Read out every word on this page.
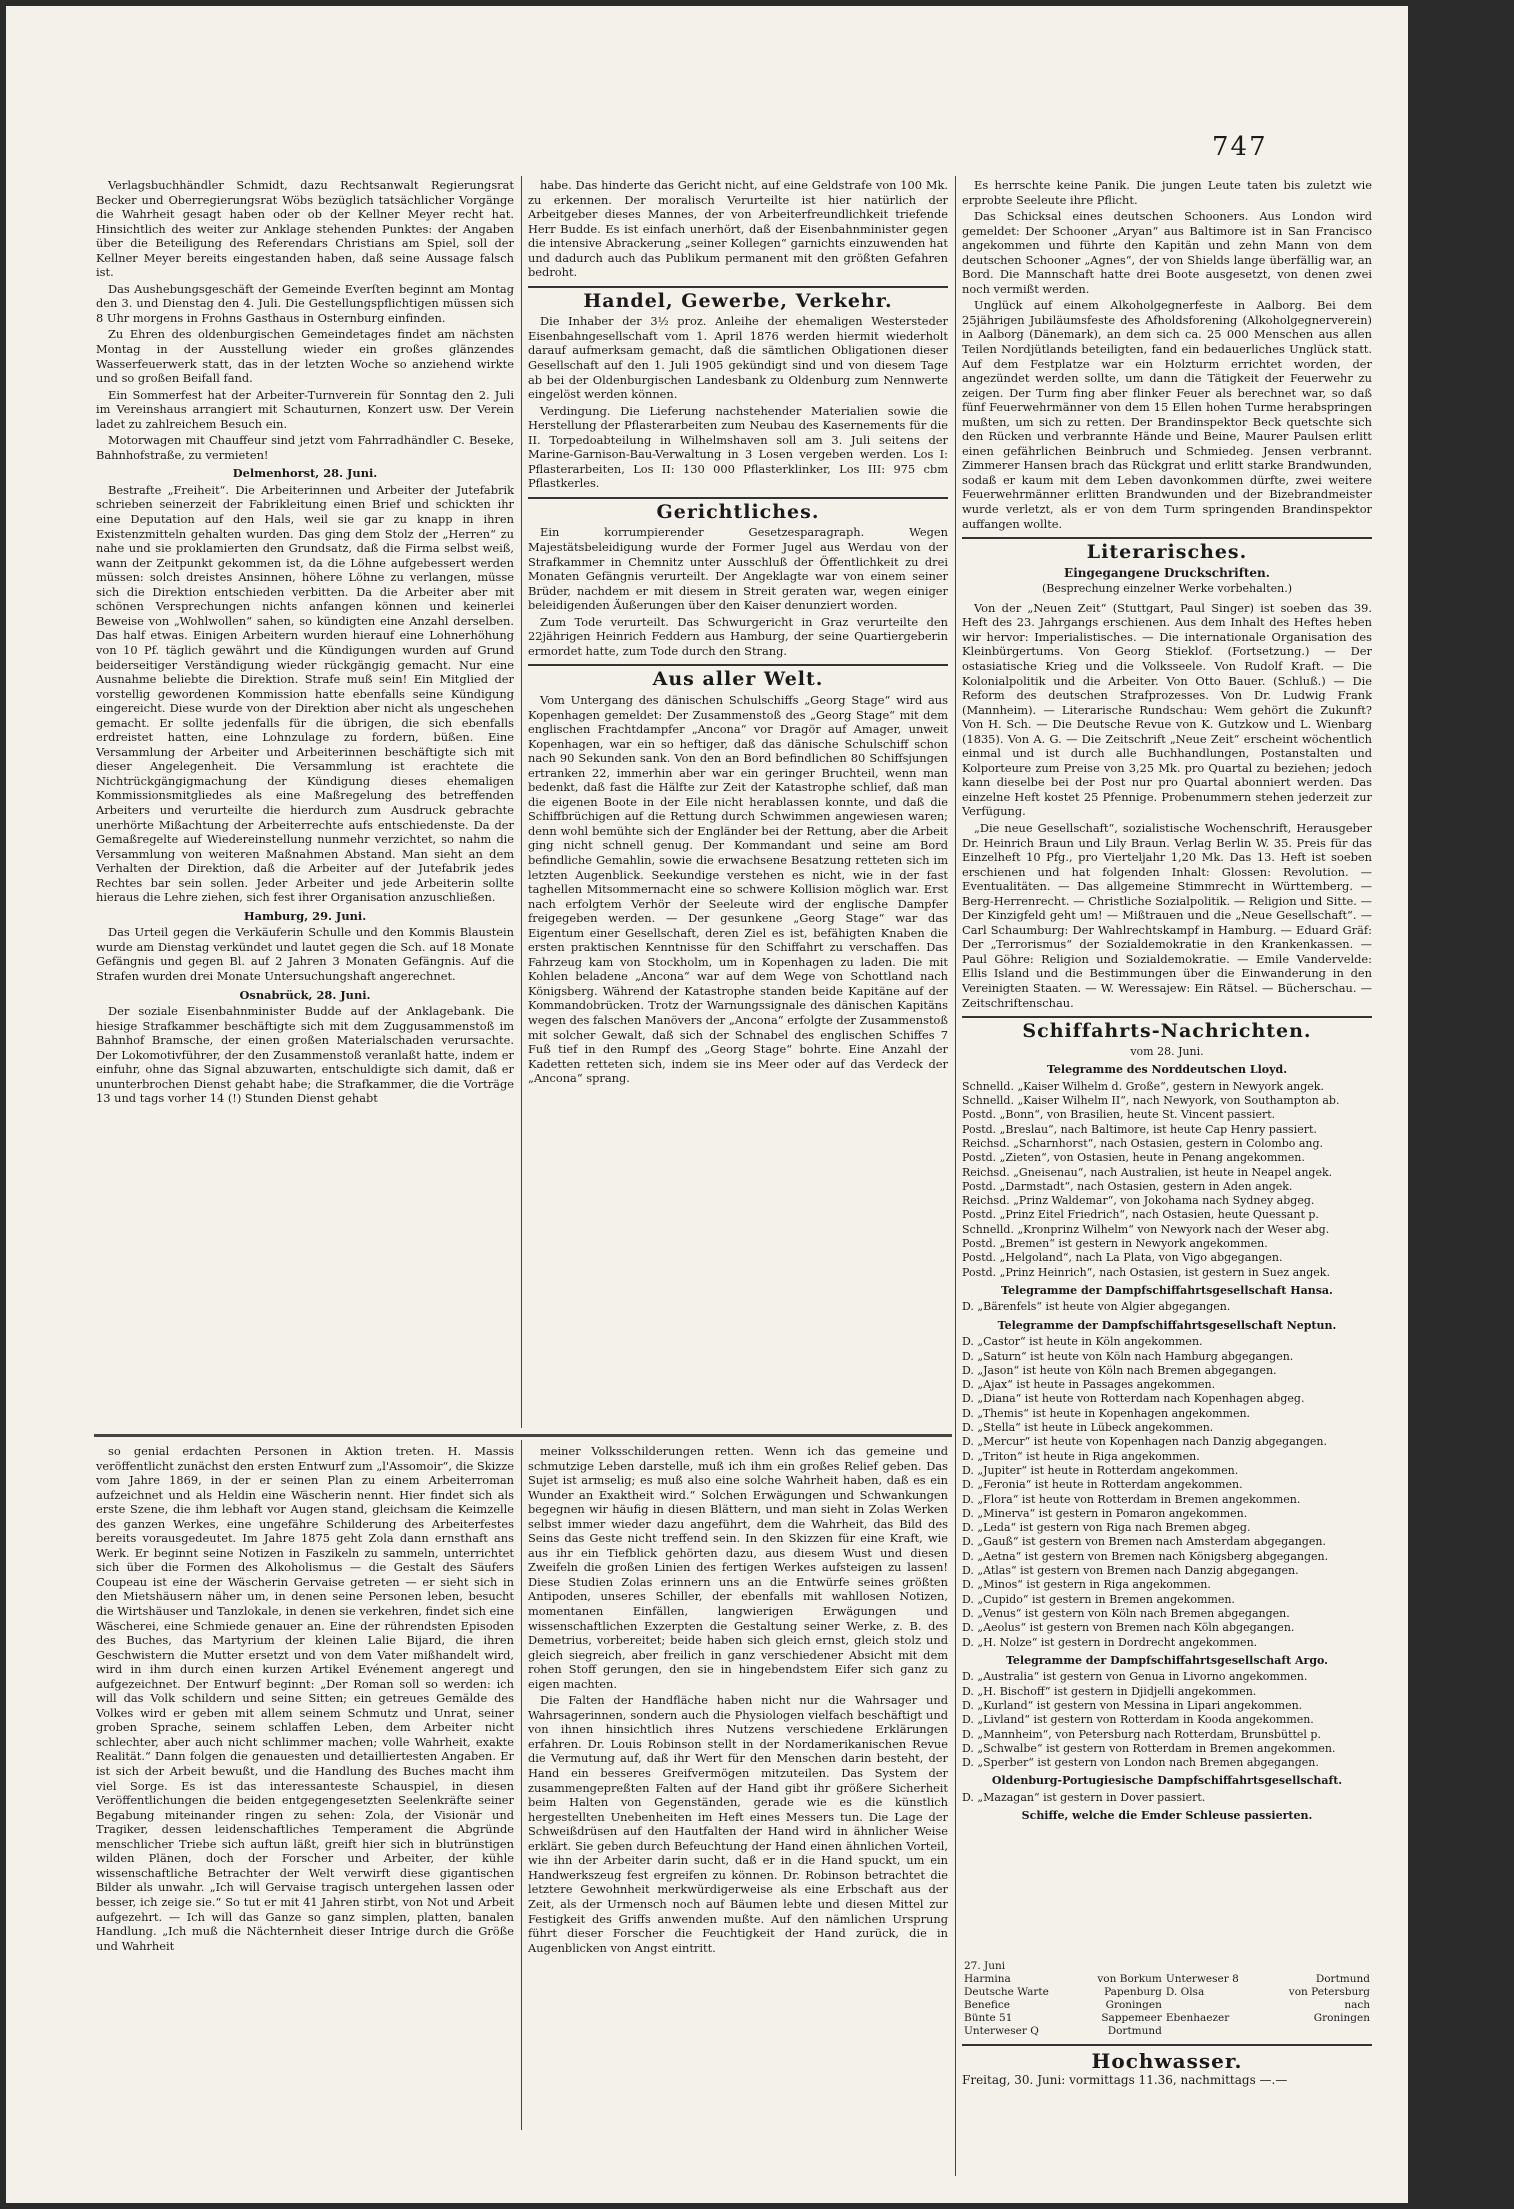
747

Verlagsbuchhändler Schmidt, dazu Rechtsanwalt Regierungsrat Becker und Oberregierungsrat Wöbs bezüglich tatsächlicher Vorgänge die Wahrheit gesagt haben oder ob der Kellner Meyer recht hat. Hinsichtlich des weiter zur Anklage stehenden Punktes: der Angaben über die Beteiligung des Referendars Christians am Spiel, soll der Kellner Meyer bereits eingestanden haben, daß seine Aussage falsch ist.

Das Aushebungsgeschäft der Gemeinde Everſten beginnt am Montag den 3. und Dienstag den 4. Juli. Die Gestellungspflichtigen müssen sich 8 Uhr morgens in Frohns Gasthaus in Osternburg einfinden.

Zu Ehren des oldenburgischen Gemeindetages findet am nächsten Montag in der Ausstellung wieder ein großes glänzendes Wasserfeuerwerk statt, das in der letzten Woche so anziehend wirkte und so großen Beifall fand.

Ein Sommerfest hat der Arbeiter-Turnverein für Sonntag den 2. Juli im Vereinshaus arrangiert mit Schauturnen, Konzert usw. Der Verein ladet zu zahlreichem Besuch ein.

Motorwagen mit Chauffeur sind jetzt vom Fahrradhändler C. Beseke, Bahnhofstraße, zu vermieten!

Delmenhorst, 28. Juni.

Bestrafte „Freiheit“. Die Arbeiterinnen und Arbeiter der Jutefabrik schrieben seinerzeit der Fabrikleitung einen Brief und schickten ihr eine Deputation auf den Hals, weil sie gar zu knapp in ihren Existenzmitteln gehalten wurden. Das ging dem Stolz der „Herren“ zu nahe und sie proklamierten den Grundsatz, daß die Firma selbst weiß, wann der Zeitpunkt gekommen ist, da die Löhne aufgebessert werden müssen: solch dreistes Ansinnen, höhere Löhne zu verlangen, müsse sich die Direktion entschieden verbitten. Da die Arbeiter aber mit schönen Versprechungen nichts anfangen können und keinerlei Beweise von „Wohlwollen“ sahen, so kündigten eine Anzahl derselben. Das half etwas. Einigen Arbeitern wurden hierauf eine Lohnerhöhung von 10 Pf. täglich gewährt und die Kündigungen wurden auf Grund beiderseitiger Verständigung wieder rückgängig gemacht. Nur eine Ausnahme beliebte die Direktion. Strafe muß sein! Ein Mitglied der vorstellig gewordenen Kommission hatte ebenfalls seine Kündigung eingereicht. Diese wurde von der Direktion aber nicht als ungeschehen gemacht. Er sollte jedenfalls für die übrigen, die sich ebenfalls erdreistet hatten, eine Lohnzulage zu fordern, büßen. Eine Versammlung der Arbeiter und Arbeiterinnen beschäftigte sich mit dieser Angelegenheit. Die Versammlung ist erachtete die Nichtrückgängigmachung der Kündigung dieses ehemaligen Kommissionsmitgliedes als eine Maßregelung des betreffenden Arbeiters und verurteilte die hierdurch zum Ausdruck gebrachte unerhörte Mißachtung der Arbeiterrechte aufs entschiedenste. Da der Gemaßregelte auf Wiedereinstellung nunmehr verzichtet, so nahm die Versammlung von weiteren Maßnahmen Abstand. Man sieht an dem Verhalten der Direktion, daß die Arbeiter auf der Jutefabrik jedes Rechtes bar sein sollen. Jeder Arbeiter und jede Arbeiterin sollte hieraus die Lehre ziehen, sich fest ihrer Organisation anzuschließen.

Hamburg, 29. Juni.

Das Urteil gegen die Verkäuferin Schulle und den Kommis Blaustein wurde am Dienstag verkündet und lautet gegen die Sch. auf 18 Monate Gefängnis und gegen Bl. auf 2 Jahren 3 Monaten Gefängnis. Auf die Strafen wurden drei Monate Untersuchungshaft angerechnet.

Osnabrück, 28. Juni.

Der soziale Eisenbahnminister Budde auf der Anklagebank. Die hiesige Strafkammer beschäftigte sich mit dem Zuggusammenstoß im Bahnhof Bramsche, der einen großen Materialschaden verursachte. Der Lokomotivführer, der den Zusammenstoß veranlaßt hatte, indem er einfuhr, ohne das Signal abzuwarten, entschuldigte sich damit, daß er ununterbrochen Dienst gehabt habe; die Strafkammer, die die Vorträge 13 und tags vorher 14 (!) Stunden Dienst gehabt

habe. Das hinderte das Gericht nicht, auf eine Geldstrafe von 100 Mk. zu erkennen. Der moralisch Verurteilte ist hier natürlich der Arbeitgeber dieses Mannes, der von Arbeiterfreundlichkeit triefende Herr Budde. Es ist einfach unerhört, daß der Eisenbahnminister gegen die intensive Abrackerung „seiner Kollegen“ garnichts einzuwenden hat und dadurch auch das Publikum permanent mit den größten Gefahren bedroht.

Handel, Gewerbe, Verkehr.

Die Inhaber der 3½ proz. Anleihe der ehemaligen Westersteder Eisenbahngesellschaft vom 1. April 1876 werden hiermit wiederholt darauf aufmerksam gemacht, daß die sämtlichen Obligationen dieser Gesellschaft auf den 1. Juli 1905 gekündigt sind und von diesem Tage ab bei der Oldenburgischen Landesbank zu Oldenburg zum Nennwerte eingelöst werden können.

Verdingung. Die Lieferung nachstehender Materialien sowie die Herstellung der Pflasterarbeiten zum Neubau des Kasernements für die II. Torpedoabteilung in Wilhelmshaven soll am 3. Juli seitens der Marine-Garnison-Bau-Verwaltung in 3 Losen vergeben werden. Los I: Pflasterarbeiten, Los II: 130 000 Pflasterklinker, Los III: 975 cbm Pflastkerles.

Gerichtliches.

Ein korrumpierender Gesetzesparagraph. Wegen Majestätsbeleidigung wurde der Former Jugel aus Werdau von der Strafkammer in Chemnitz unter Ausschluß der Öffentlichkeit zu drei Monaten Gefängnis verurteilt. Der Angeklagte war von einem seiner Brüder, nachdem er mit diesem in Streit geraten war, wegen einiger beleidigenden Äußerungen über den Kaiser denunziert worden.

Zum Tode verurteilt. Das Schwurgericht in Graz verurteilte den 22jährigen Heinrich Feddern aus Hamburg, der seine Quartiergeberin ermordet hatte, zum Tode durch den Strang.

Aus aller Welt.

Vom Untergang des dänischen Schulschiffs „Georg Stage“ wird aus Kopenhagen gemeldet: Der Zusammenstoß des „Georg Stage“ mit dem englischen Frachtdampfer „Ancona“ vor Dragör auf Amager, unweit Kopenhagen, war ein so heftiger, daß das dänische Schulschiff schon nach 90 Sekunden sank. Von den an Bord befindlichen 80 Schiffsjungen ertranken 22, immerhin aber war ein geringer Bruchteil, wenn man bedenkt, daß fast die Hälfte zur Zeit der Katastrophe schlief, daß man die eigenen Boote in der Eile nicht herablassen konnte, und daß die Schiffbrüchigen auf die Rettung durch Schwimmen angewiesen waren; denn wohl bemühte sich der Engländer bei der Rettung, aber die Arbeit ging nicht schnell genug. Der Kommandant und seine am Bord befindliche Gemahlin, sowie die erwachsene Besatzung retteten sich im letzten Augenblick. Seekundige verstehen es nicht, wie in der fast taghellen Mitsommernacht eine so schwere Kollision möglich war. Erst nach erfolgtem Verhör der Seeleute wird der englische Dampfer freigegeben werden. — Der gesunkene „Georg Stage“ war das Eigentum einer Gesellschaft, deren Ziel es ist, befähigten Knaben die ersten praktischen Kenntnisse für den Schiffahrt zu verschaffen. Das Fahrzeug kam von Stockholm, um in Kopenhagen zu laden. Die mit Kohlen beladene „Ancona“ war auf dem Wege von Schottland nach Königsberg. Während der Katastrophe standen beide Kapitäne auf der Kommandobrücken. Trotz der Warnungssignale des dänischen Kapitäns wegen des falschen Manövers der „Ancona“ erfolgte der Zusammenstoß mit solcher Gewalt, daß sich der Schnabel des englischen Schiffes 7 Fuß tief in den Rumpf des „Georg Stage“ bohrte. Eine Anzahl der Kadetten retteten sich, indem sie ins Meer oder auf das Verdeck der „Ancona“ sprang.

Es herrschte keine Panik. Die jungen Leute taten bis zuletzt wie erprobte Seeleute ihre Pflicht.

Das Schicksal eines deutschen Schooners. Aus London wird gemeldet: Der Schooner „Aryan“ aus Baltimore ist in San Francisco angekommen und führte den Kapitän und zehn Mann von dem deutschen Schooner „Agnes“, der von Shields lange überfällig war, an Bord. Die Mannschaft hatte drei Boote ausgesetzt, von denen zwei noch vermißt werden.

Unglück auf einem Alkoholgegnerfeste in Aalborg. Bei dem 25jährigen Jubiläumsfeste des Afholdsforening (Alkoholgegnerverein) in Aalborg (Dänemark), an dem sich ca. 25 000 Menschen aus allen Teilen Nordjütlands beteiligten, fand ein bedauerliches Unglück statt. Auf dem Festplatze war ein Holzturm errichtet worden, der angezündet werden sollte, um dann die Tätigkeit der Feuerwehr zu zeigen. Der Turm fing aber flinker Feuer als berechnet war, so daß fünf Feuerwehrmänner von dem 15 Ellen hohen Turme herabspringen mußten, um sich zu retten. Der Brandinspektor Beck quetschte sich den Rücken und verbrannte Hände und Beine, Maurer Paulsen erlitt einen gefährlichen Beinbruch und Schmiedeg. Jensen verbrannt. Zimmerer Hansen brach das Rückgrat und erlitt starke Brandwunden, sodaß er kaum mit dem Leben davonkommen dürfte, zwei weitere Feuerwehrmänner erlitten Brandwunden und der Bizebrandmeister wurde verletzt, als er von dem Turm springenden Brandinspektor auffangen wollte.

Literarisches.
Eingegangene Druckschriften.

(Besprechung einzelner Werke vorbehalten.)

Von der „Neuen Zeit“ (Stuttgart, Paul Singer) ist soeben das 39. Heft des 23. Jahrgangs erschienen. Aus dem Inhalt des Heftes heben wir hervor: Imperialistisches. — Die internationale Organisation des Kleinbürgertums. Von Georg Stieklof. (Fortsetzung.) — Der ostasiatische Krieg und die Volksseele. Von Rudolf Kraft. — Die Kolonialpolitik und die Arbeiter. Von Otto Bauer. (Schluß.) — Die Reform des deutschen Strafprozesses. Von Dr. Ludwig Frank (Mannheim). — Literarische Rundschau: Wem gehört die Zukunft? Von H. Sch. — Die Deutsche Revue von K. Gutzkow und L. Wienbarg (1835). Von A. G. — Die Zeitschrift „Neue Zeit“ erscheint wöchentlich einmal und ist durch alle Buchhandlungen, Postanstalten und Kolporteure zum Preise von 3,25 Mk. pro Quartal zu beziehen; jedoch kann dieselbe bei der Post nur pro Quartal abonniert werden. Das einzelne Heft kostet 25 Pfennige. Probenummern stehen jederzeit zur Verfügung.

„Die neue Gesellschaft“, sozialistische Wochenschrift, Herausgeber Dr. Heinrich Braun und Lily Braun. Verlag Berlin W. 35. Preis für das Einzelheft 10 Pfg., pro Vierteljahr 1,20 Mk. Das 13. Heft ist soeben erschienen und hat folgenden Inhalt: Glossen: Revolution. — Eventualitäten. — Das allgemeine Stimmrecht in Württemberg. — Berg-Herrenrecht. — Christliche Sozialpolitik. — Religion und Sitte. — Der Kinzigfeld geht um! — Mißtrauen und die „Neue Gesellschaft“. — Carl Schaumburg: Der Wahlrechtskampf in Hamburg. — Eduard Gräf: Der „Terrorismus“ der Sozialdemokratie in den Krankenkassen. — Paul Göhre: Religion und Sozialdemokratie. — Emile Vandervelde: Ellis Island und die Bestimmungen über die Einwanderung in den Vereinigten Staaten. — W. Weressajew: Ein Rätsel. — Bücherschau. — Zeitschriftenschau.

Schiffahrts-Nachrichten.

vom 28. Juni.

Telegramme des Norddeutschen Lloyd.

Schnelld. „Kaiser Wilhelm d. Große“, gestern in Newyork angek.

Schnelld. „Kaiser Wilhelm II“, nach Newyork, von Southampton ab.

Postd. „Bonn“, von Brasilien, heute St. Vincent passiert.

Postd. „Breslau“, nach Baltimore, ist heute Cap Henry passiert.

Reichsd. „Scharnhorst“, nach Ostasien, gestern in Colombo ang.

Postd. „Zieten“, von Ostasien, heute in Penang angekommen.

Reichsd. „Gneisenau“, nach Australien, ist heute in Neapel angek.

Postd. „Darmstadt“, nach Ostasien, gestern in Aden angek.

Reichsd. „Prinz Waldemar“, von Jokohama nach Sydney abgeg.

Postd. „Prinz Eitel Friedrich“, nach Ostasien, heute Quessant p.

Schnelld. „Kronprinz Wilhelm“ von Newyork nach der Weser abg.

Postd. „Bremen“ ist gestern in Newyork angekommen.

Postd. „Helgoland“, nach La Plata, von Vigo abgegangen.

Postd. „Prinz Heinrich“, nach Ostasien, ist gestern in Suez angek.

Telegramme der Dampfschiffahrtsgesellschaft Hansa.

D. „Bärenfels“ ist heute von Algier abgegangen.

Telegramme der Dampfschiffahrtsgesellschaft Neptun.

D. „Castor“ ist heute in Köln angekommen.

D. „Saturn“ ist heute von Köln nach Hamburg abgegangen.

D. „Jason“ ist heute von Köln nach Bremen abgegangen.

D. „Ajax“ ist heute in Passages angekommen.

D. „Diana“ ist heute von Rotterdam nach Kopenhagen abgeg.

D. „Themis“ ist heute in Kopenhagen angekommen.

D. „Stella“ ist heute in Lübeck angekommen.

D. „Mercur“ ist heute von Kopenhagen nach Danzig abgegangen.

D. „Triton“ ist heute in Riga angekommen.

D. „Jupiter“ ist heute in Rotterdam angekommen.

D. „Feronia“ ist heute in Rotterdam angekommen.

D. „Flora“ ist heute von Rotterdam in Bremen angekommen.

D. „Minerva“ ist gestern in Pomaron angekommen.

D. „Leda“ ist gestern von Riga nach Bremen abgeg.

D. „Gauß“ ist gestern von Bremen nach Amsterdam abgegangen.

D. „Aetna“ ist gestern von Bremen nach Königsberg abgegangen.

D. „Atlas“ ist gestern von Bremen nach Danzig abgegangen.

D. „Minos“ ist gestern in Riga angekommen.

D. „Cupido“ ist gestern in Bremen angekommen.

D. „Venus“ ist gestern von Köln nach Bremen abgegangen.

D. „Aeolus“ ist gestern von Bremen nach Köln abgegangen.

D. „H. Nolze“ ist gestern in Dordrecht angekommen.

Telegramme der Dampfschiffahrtsgesellschaft Argo.

D. „Australia“ ist gestern von Genua in Livorno angekommen.

D. „H. Bischoff“ ist gestern in Djidjelli angekommen.

D. „Kurland“ ist gestern von Messina in Lipari angekommen.

D. „Livland“ ist gestern von Rotterdam in Kooda angekommen.

D. „Mannheim“, von Petersburg nach Rotterdam, Brunsbüttel p.

D. „Schwalbe“ ist gestern von Rotterdam in Bremen angekommen.

D. „Sperber“ ist gestern von London nach Bremen abgegangen.

Oldenburg-Portugiesische Dampfschiffahrtsgesellschaft.

D. „Mazagan“ ist gestern in Dover passiert.

Schiffe, welche die Emder Schleuse passierten.

so genial erdachten Personen in Aktion treten. H. Massis veröffentlicht zunächst den ersten Entwurf zum „l'Assomoir“, die Skizze vom Jahre 1869, in der er seinen Plan zu einem Arbeiterroman aufzeichnet und als Heldin eine Wäscherin nennt. Hier findet sich als erste Szene, die ihm lebhaft vor Augen stand, gleichsam die Keimzelle des ganzen Werkes, eine ungefähre Schilderung des Arbeiterfestes bereits vorausgedeutet. Im Jahre 1875 geht Zola dann ernsthaft ans Werk. Er beginnt seine Notizen in Faszikeln zu sammeln, unterrichtet sich über die Formen des Alkoholismus — die Gestalt des Säufers Coupeau ist eine der Wäscherin Gervaise getreten — er sieht sich in den Mietshäusern näher um, in denen seine Personen leben, besucht die Wirtshäuser und Tanzlokale, in denen sie verkehren, findet sich eine Wäscherei, eine Schmiede genauer an. Eine der rührendsten Episoden des Buches, das Martyrium der kleinen Lalie Bijard, die ihren Geschwistern die Mutter ersetzt und von dem Vater mißhandelt wird, wird in ihm durch einen kurzen Artikel Evénement angeregt und aufgezeichnet. Der Entwurf beginnt: „Der Roman soll so werden: ich will das Volk schildern und seine Sitten; ein getreues Gemälde des Volkes wird er geben mit allem seinem Schmutz und Unrat, seiner groben Sprache, seinem schlaffen Leben, dem Arbeiter nicht schlechter, aber auch nicht schlimmer machen; volle Wahrheit, exakte Realität.“ Dann folgen die genauesten und detailliertesten Angaben. Er ist sich der Arbeit bewußt, und die Handlung des Buches macht ihm viel Sorge. Es ist das interessanteste Schauspiel, in diesen Veröffentlichungen die beiden entgegengesetzten Seelenkräfte seiner Begabung miteinander ringen zu sehen: Zola, der Visionär und Tragiker, dessen leidenschaftliches Temperament die Abgründe menschlicher Triebe sich auftun läßt, greift hier sich in blutrünstigen wilden Plänen, doch der Forscher und Arbeiter, der kühle wissenschaftliche Betrachter der Welt verwirft diese gigantischen Bilder als unwahr. „Ich will Gervaise tragisch untergehen lassen oder besser, ich zeige sie.“ So tut er mit 41 Jahren stirbt, von Not und Arbeit aufgezehrt. — Ich will das Ganze so ganz simplen, platten, banalen Handlung. „Ich muß die Nächternheit dieser Intrige durch die Größe und Wahrheit

meiner Volksschilderungen retten. Wenn ich das gemeine und schmutzige Leben darstelle, muß ich ihm ein großes Relief geben. Das Sujet ist armselig; es muß also eine solche Wahrheit haben, daß es ein Wunder an Exaktheit wird.“ Solchen Erwägungen und Schwankungen begegnen wir häufig in diesen Blättern, und man sieht in Zolas Werken selbst immer wieder dazu angeführt, dem die Wahrheit, das Bild des Seins das Geste nicht treffend sein. In den Skizzen für eine Kraft, wie aus ihr ein Tiefblick gehörten dazu, aus diesem Wust und diesen Zweifeln die großen Linien des fertigen Werkes aufsteigen zu lassen! Diese Studien Zolas erinnern uns an die Entwürfe seines größten Antipoden, unseres Schiller, der ebenfalls mit wahllosen Notizen, momentanen Einfällen, langwierigen Erwägungen und wissenschaftlichen Exzerpten die Gestaltung seiner Werke, z. B. des Demetrius, vorbereitet; beide haben sich gleich ernst, gleich stolz und gleich siegreich, aber freilich in ganz verschiedener Absicht mit dem rohen Stoff gerungen, den sie in hingebendstem Eifer sich ganz zu eigen machten.

Die Falten der Handfläche haben nicht nur die Wahrsager und Wahrsagerinnen, sondern auch die Physiologen vielfach beschäftigt und von ihnen hinsichtlich ihres Nutzens verschiedene Erklärungen erfahren. Dr. Louis Robinson stellt in der Nordamerikanischen Revue die Vermutung auf, daß ihr Wert für den Menschen darin besteht, der Hand ein besseres Greifvermögen mitzuteilen. Das System der zusammengepreßten Falten auf der Hand gibt ihr größere Sicherheit beim Halten von Gegenständen, gerade wie es die künstlich hergestellten Unebenheiten im Heft eines Messers tun. Die Lage der Schweißdrüsen auf den Hautfalten der Hand wird in ähnlicher Weise erklärt. Sie geben durch Befeuchtung der Hand einen ähnlichen Vorteil, wie ihn der Arbeiter darin sucht, daß er in die Hand spuckt, um ein Handwerkszeug fest ergreifen zu können. Dr. Robinson betrachtet die letztere Gewohnheit merkwürdigerweise als eine Erbschaft aus der Zeit, als der Urmensch noch auf Bäumen lebte und diesen Mittel zur Festigkeit des Griffs anwenden mußte. Auf den nämlichen Ursprung führt dieser Forscher die Feuchtigkeit der Hand zurück, die in Augenblicken von Angst eintritt.

27. Juni			
Harmina	von Borkum	Unterweser 8	Dortmund
Deutsche Warte	Papenburg	D. Olsa	von Petersburg
Benefice	Groningen		nach
Bünte 51	Sappemeer	Ebenhaezer	Groningen
Unterweser Q	Dortmund		
Hochwasser.
Freitag, 30. Juni: vormittags 11.36, nachmittags —.—
